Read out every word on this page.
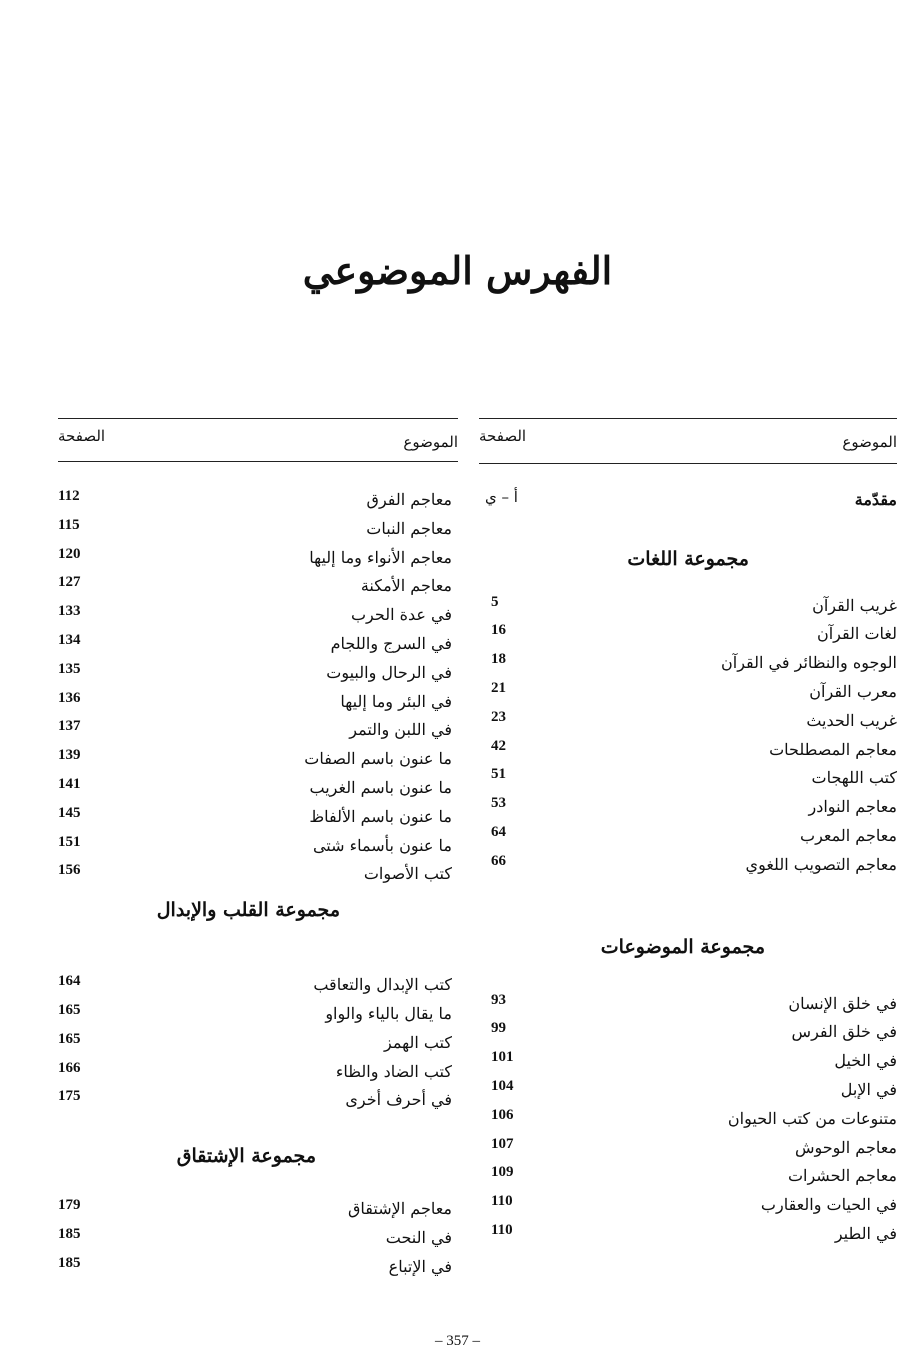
الفهرس الموضوعي
الموضوع
الصفحة
مقدّمة
أ – ي
مجموعة اللغات
غريب القرآن
5
لغات القرآن
16
الوجوه والنظائر في القرآن
18
معرب القرآن
21
غريب الحديث
23
معاجم المصطلحات
42
كتب اللهجات
51
معاجم النوادر
53
معاجم المعرب
64
معاجم التصويب اللغوي
66
مجموعة الموضوعات
في خلق الإنسان
93
في خلق الفرس
99
في الخيل
101
في الإبل
104
متنوعات من كتب الحيوان
106
معاجم الوحوش
107
معاجم الحشرات
109
في الحيات والعقارب
110
في الطير
110
الموضوع
الصفحة
معاجم الفرق
112
معاجم النبات
115
معاجم الأنواء وما إليها
120
معاجم الأمكنة
127
في عدة الحرب
133
في السرج واللجام
134
في الرحال والبيوت
135
في البئر وما إليها
136
في اللبن والتمر
137
ما عنون باسم الصفات
139
ما عنون باسم الغريب
141
ما عنون باسم الألفاظ
145
ما عنون بأسماء شتى
151
كتب الأصوات
156
مجموعة القلب والإبدال
كتب الإبدال والتعاقب
164
ما يقال بالياء والواو
165
كتب الهمز
165
كتب الضاد والظاء
166
في أحرف أخرى
175
مجموعة الإشتقاق
معاجم الإشتقاق
179
في النحت
185
في الإتباع
185
– 357 –
